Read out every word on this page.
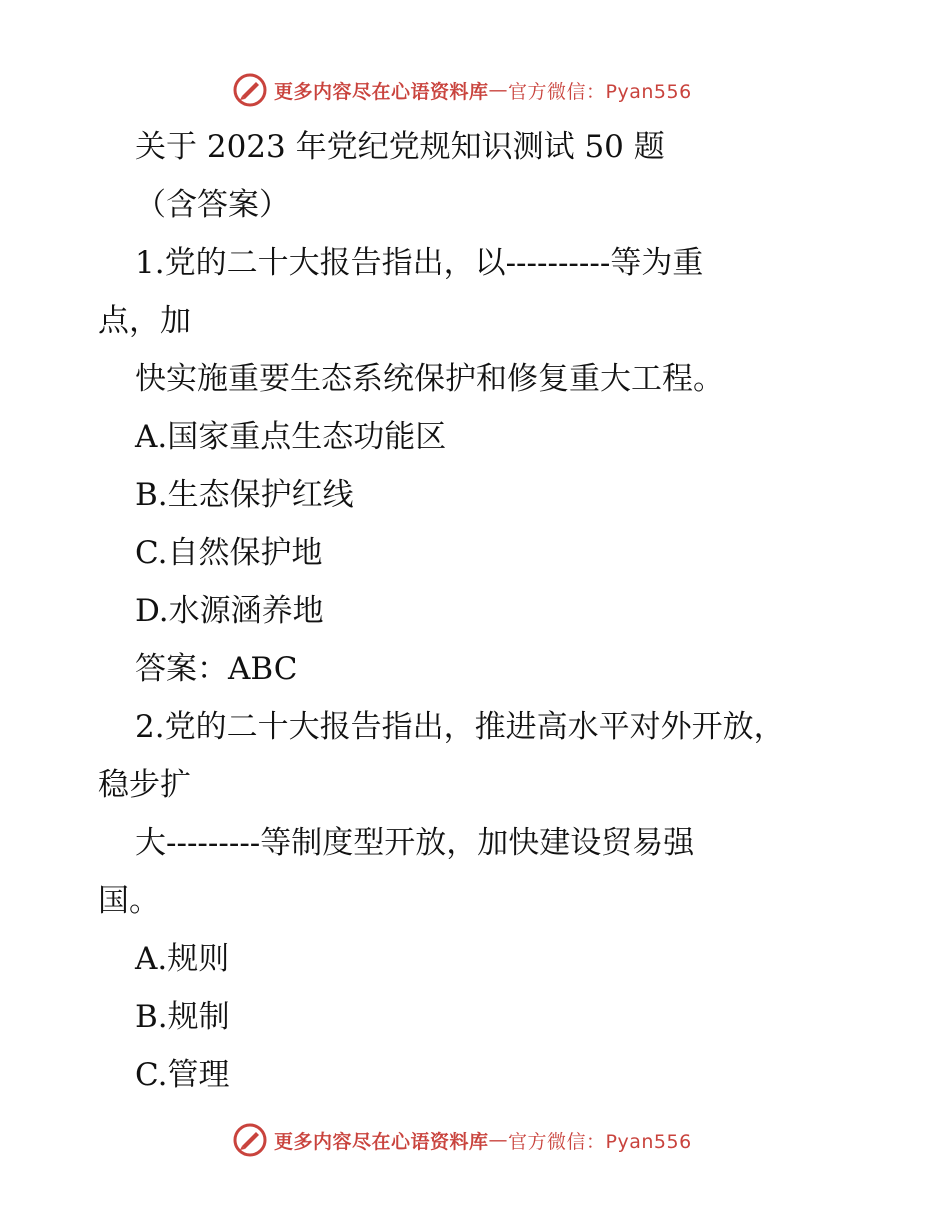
更多内容尽在心语资料库 — 官方微信：Pyan556
关于 2023 年党纪党规知识测试 50 题
（含答案）
1.党的二十大报告指出，以----------等为重
点，加
快实施重要生态系统保护和修复重大工程。
A.国家重点生态功能区
B.生态保护红线
C.自然保护地
D.水源涵养地
答案：ABC
2.党的二十大报告指出，推进高水平对外开放，
稳步扩
大---------等制度型开放，加快建设贸易强
国。
A.规则
B.规制
C.管理
更多内容尽在心语资料库 — 官方微信：Pyan556
